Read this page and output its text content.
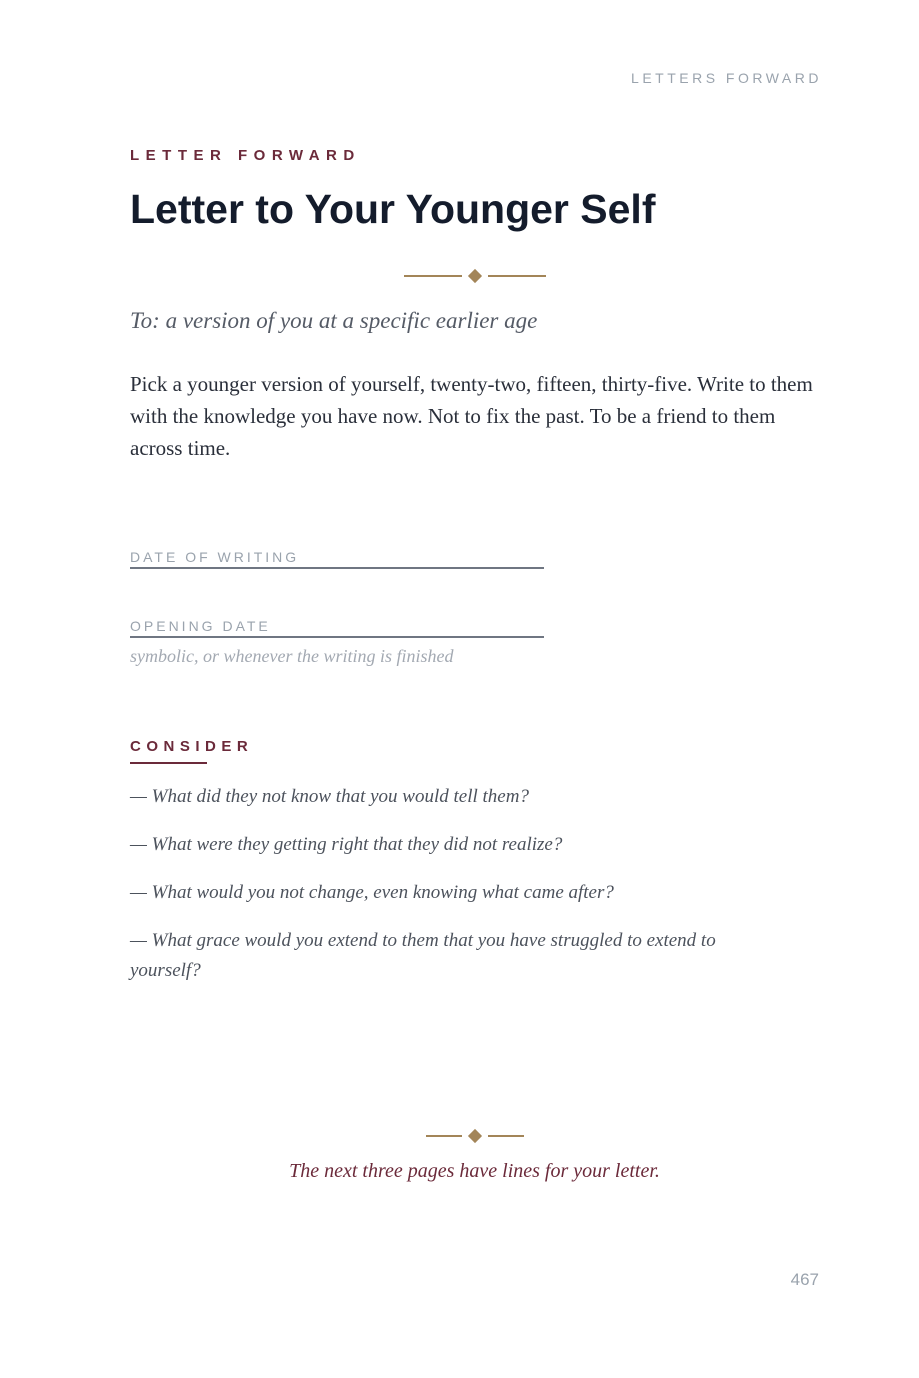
LETTERS FORWARD
LETTER FORWARD
Letter to Your Younger Self
To: a version of you at a specific earlier age

Pick a younger version of yourself, twenty-two, fifteen, thirty-five. Write to them with the knowledge you have now. Not to fix the past. To be a friend to them across time.

DATE OF WRITING
OPENING DATE
symbolic, or whenever the writing is finished
CONSIDER
— What did they not know that you would tell them?
— What were they getting right that they did not realize?
— What would you not change, even knowing what came after?
— What grace would you extend to them that you have struggled to extend to yourself?
The next three pages have lines for your letter.
467
